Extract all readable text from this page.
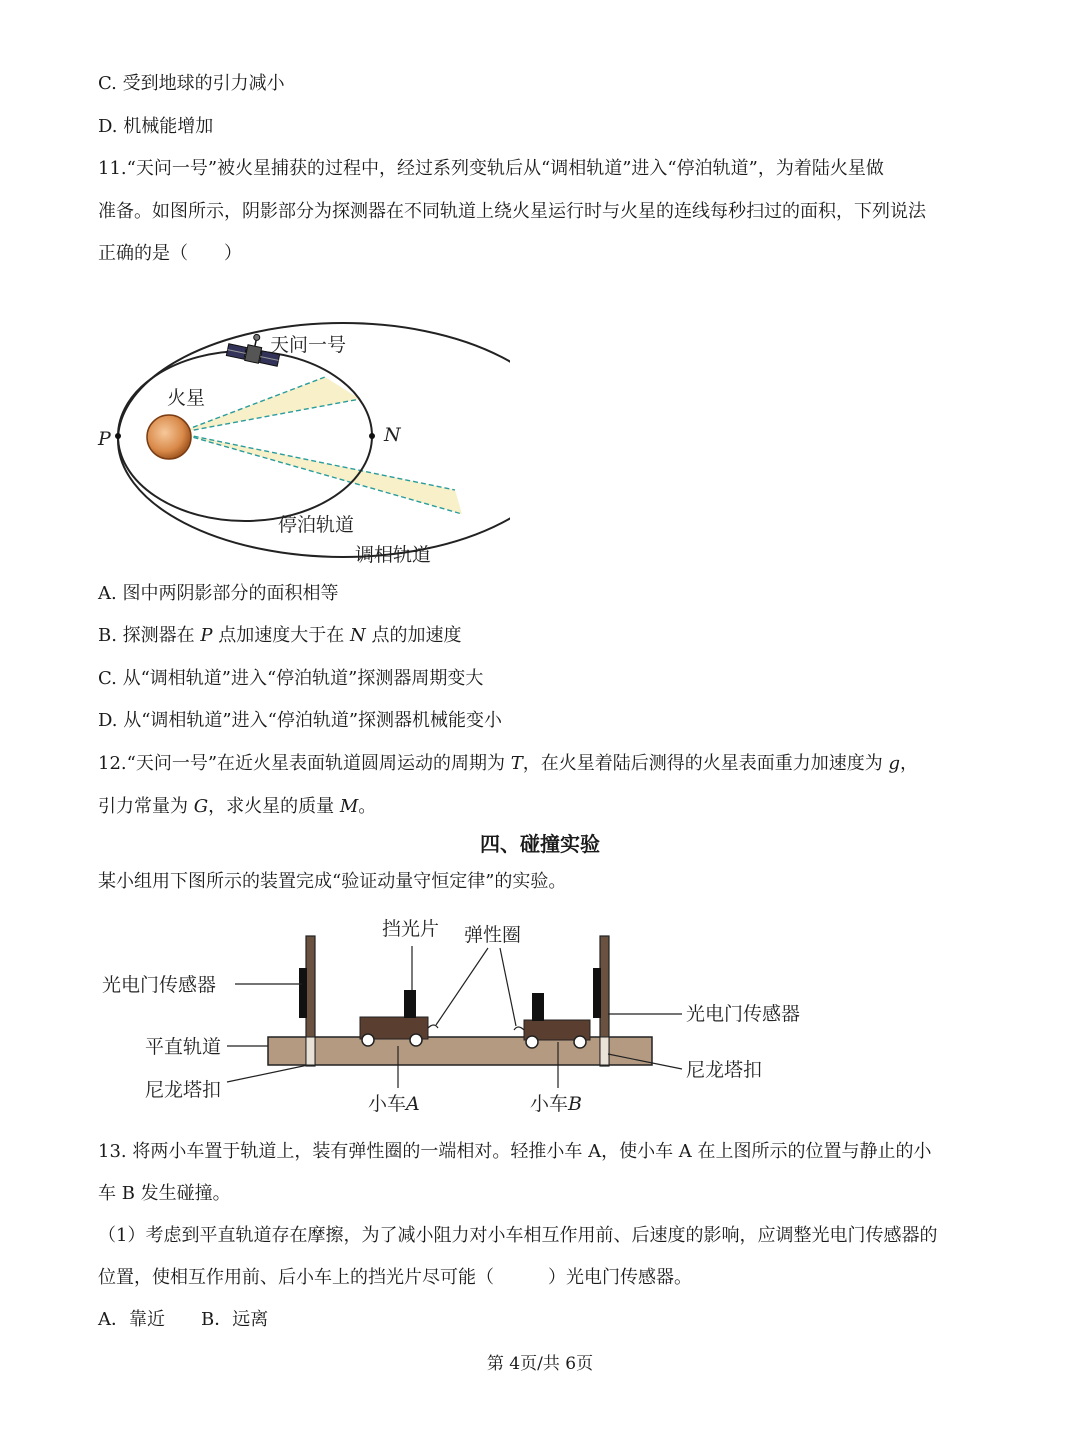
C. 受到地球的引力减小
D. 机械能增加
11.“天问一号”被火星捕获的过程中，经过系列变轨后从“调相轨道”进入“停泊轨道”，为着陆火星做
准备。如图所示，阴影部分为探测器在不同轨道上绕火星运行时与火星的连线每秒扫过的面积，下列说法
正确的是（　　）
天问一号
火星
P	N
停泊轨道
调相轨道
A. 图中两阴影部分的面积相等
B. 探测器在 P 点加速度大于在 N 点的加速度
C. 从“调相轨道”进入“停泊轨道”探测器周期变大
D. 从“调相轨道”进入“停泊轨道”探测器机械能变小
12.“天问一号”在近火星表面轨道圆周运动的周期为 T，在火星着陆后测得的火星表面重力加速度为 g，
引力常量为 G，求火星的质量 M。
四、碰撞实验
某小组用下图所示的装置完成“验证动量守恒定律”的实验。
挡光片 弹性圈
光电门传感器
平直轨道
尼龙塔扣
光电门传感器
尼龙塔扣
小车A	小车B
13. 将两小车置于轨道上，装有弹性圈的一端相对。轻推小车 A，使小车 A 在上图所示的位置与静止的小
车 B 发生碰撞。
（1）考虑到平直轨道存在摩擦，为了减小阻力对小车相互作用前、后速度的影响，应调整光电门传感器的
位置，使相互作用前、后小车上的挡光片尽可能（　　　）光电门传感器。
A．靠近　　B．远离
第 4页/共 6页
